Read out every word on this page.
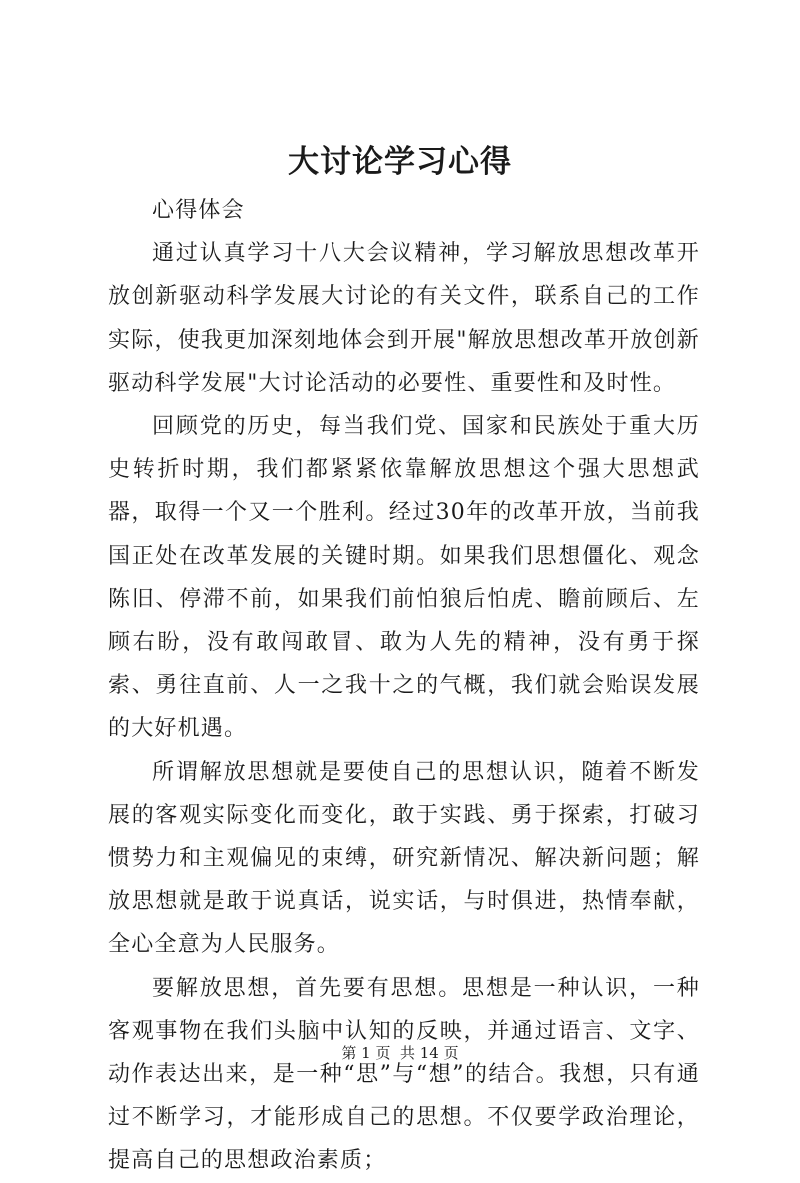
大讨论学习心得

心得体会

通过认真学习十八大会议精神，学习解放思想改革开放创新驱动科学发展大讨论的有关文件，联系自己的工作实际，使我更加深刻地体会到开展"解放思想改革开放创新驱动科学发展"大讨论活动的必要性、重要性和及时性。

回顾党的历史，每当我们党、国家和民族处于重大历史转折时期，我们都紧紧依靠解放思想这个强大思想武器，取得一个又一个胜利。经过30年的改革开放，当前我国正处在改革发展的关键时期。如果我们思想僵化、观念陈旧、停滞不前，如果我们前怕狼后怕虎、瞻前顾后、左顾右盼，没有敢闯敢冒、敢为人先的精神，没有勇于探索、勇往直前、人一之我十之的气概，我们就会贻误发展的大好机遇。

所谓解放思想就是要使自己的思想认识，随着不断发展的客观实际变化而变化，敢于实践、勇于探索，打破习惯势力和主观偏见的束缚，研究新情况、解决新问题；解放思想就是敢于说真话，说实话，与时俱进，热情奉献，全心全意为人民服务。

要解放思想，首先要有思想。思想是一种认识，一种客观事物在我们头脑中认知的反映，并通过语言、文字、动作表达出来，是一种“思”与“想”的结合。我想，只有通过不断学习，才能形成自己的思想。不仅要学政治理论，提高自己的思想政治素质；

第 1 页  共 14 页
